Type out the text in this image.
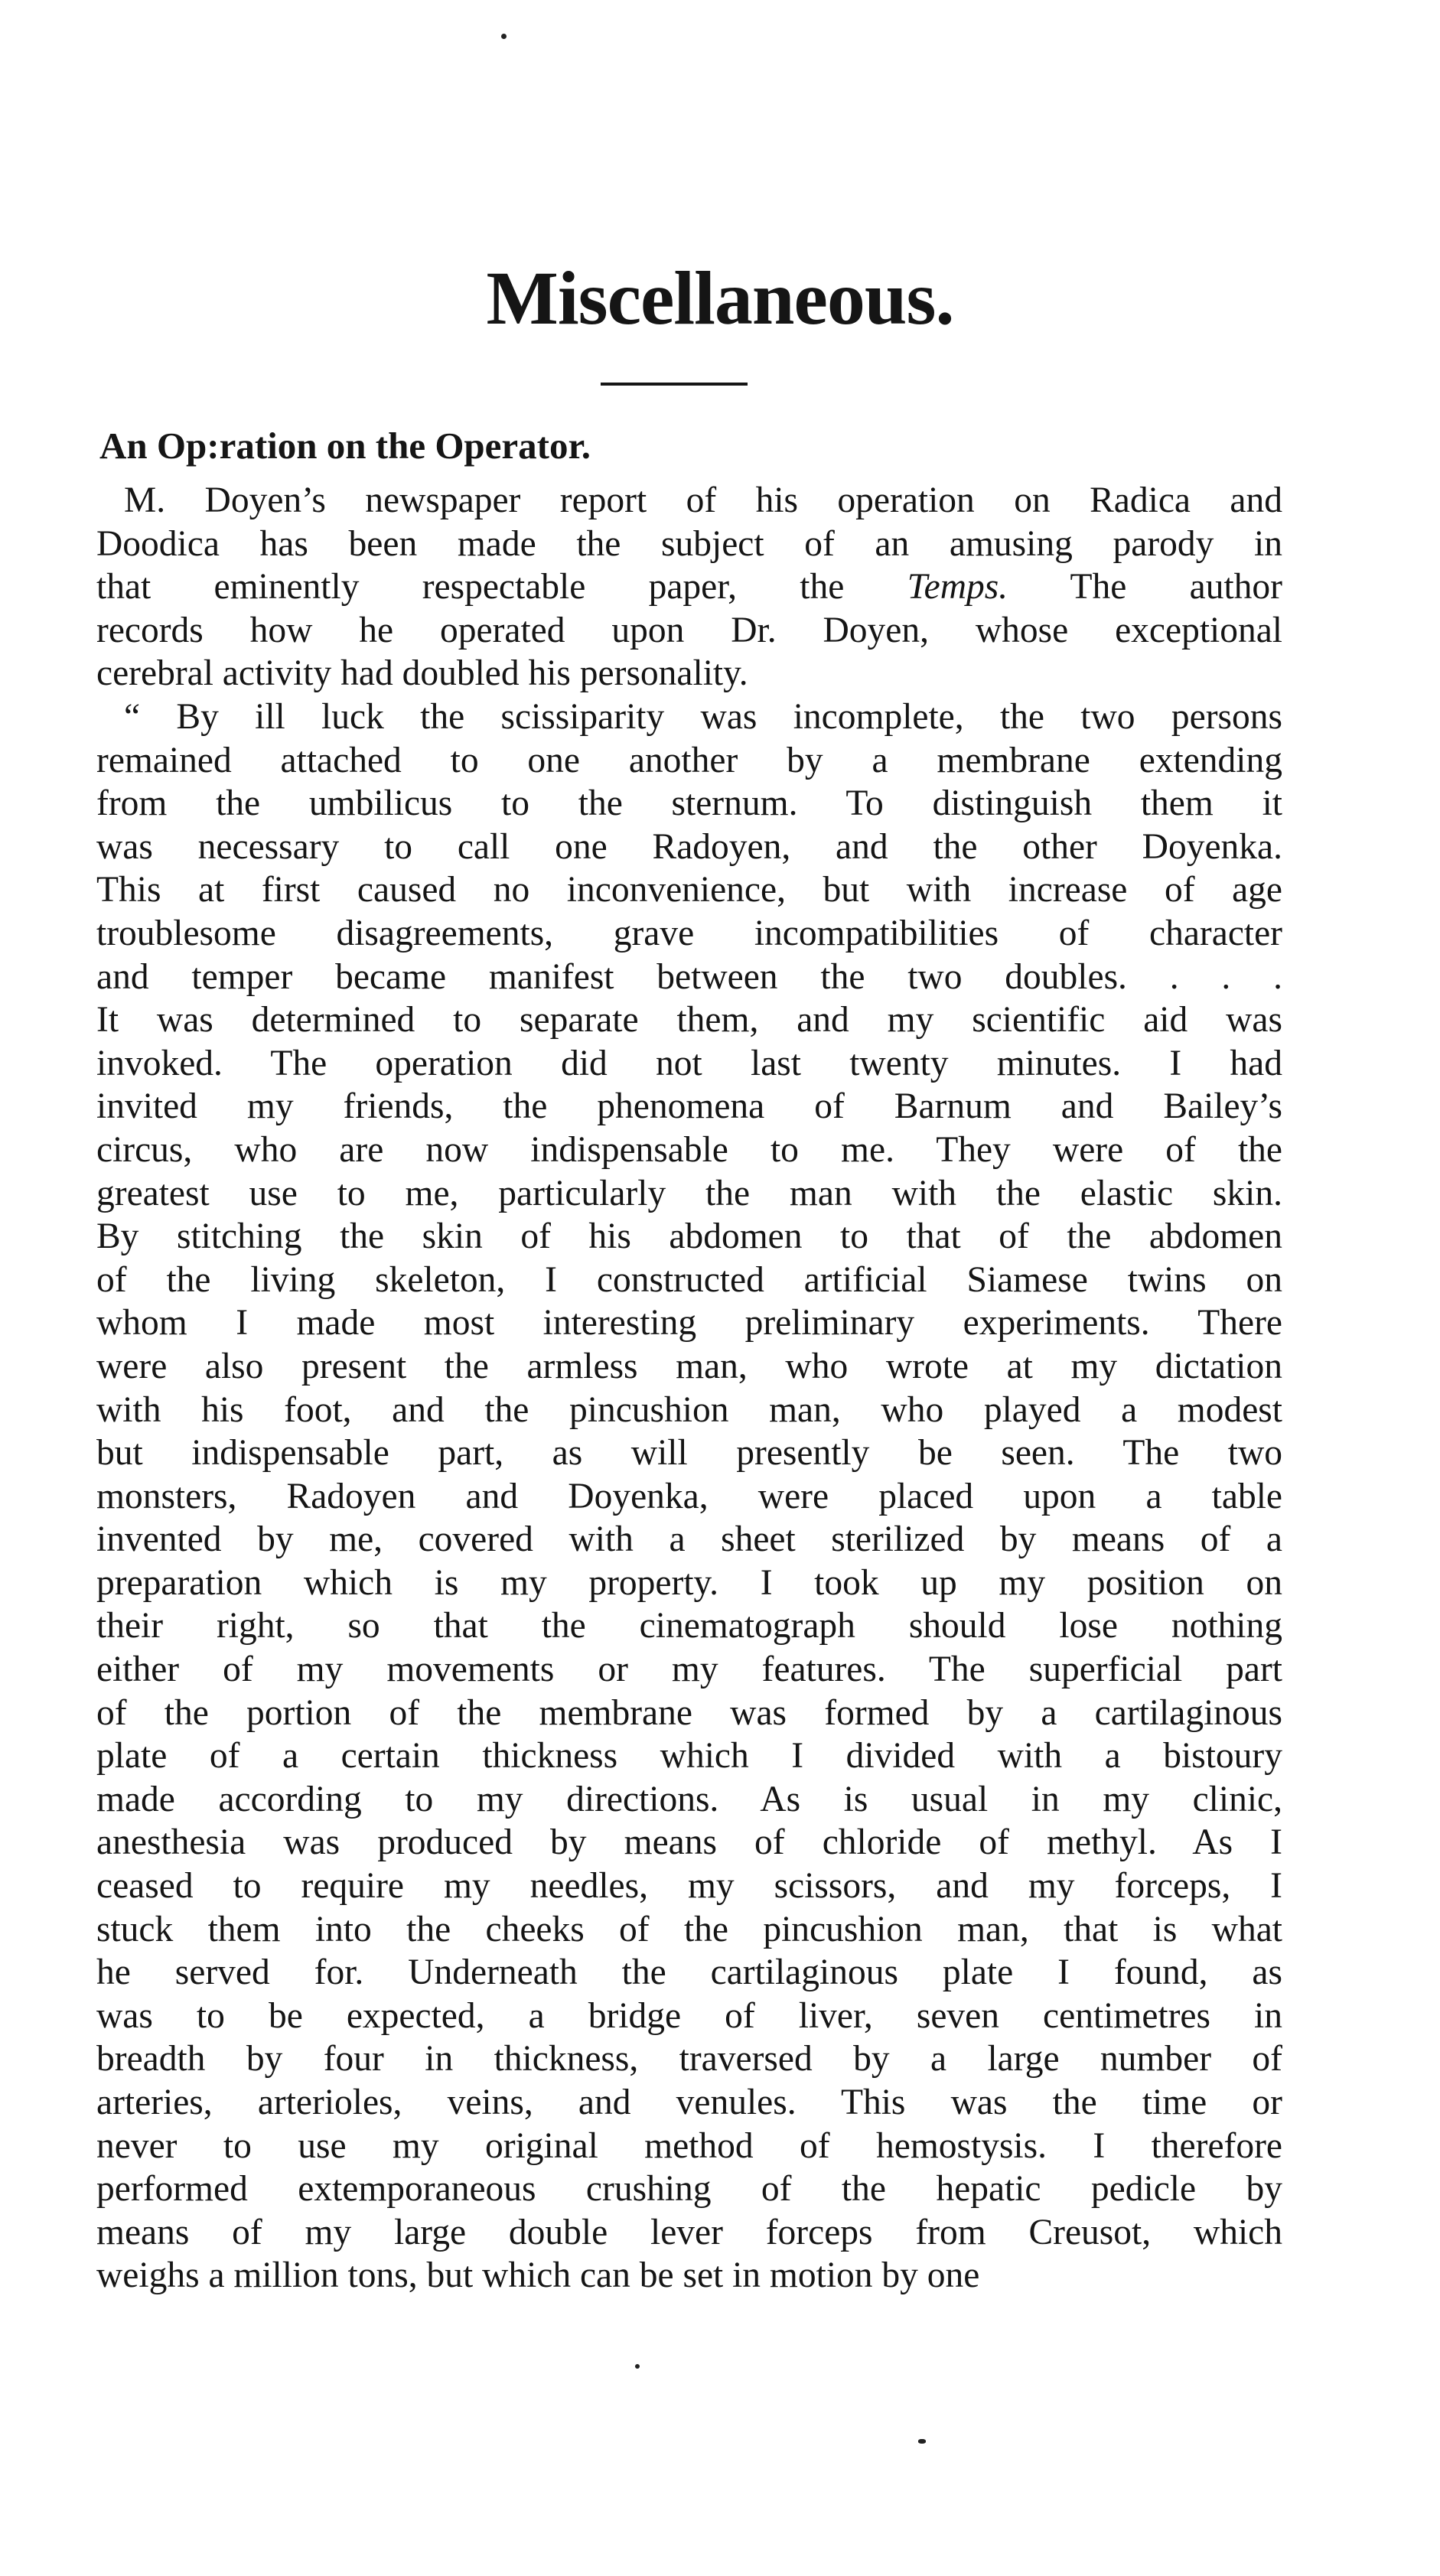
Miscellaneous.
An Op:ration on the Operator.
M. Doyen’s newspaper report of his operation on Radica and
Doodica has been made the subject of an amusing parody in
that eminently respectable paper, the Temps. The author
records how he operated upon Dr. Doyen, whose exceptional
cerebral activity had doubled his personality.
“ By ill luck the scissiparity was incomplete, the two persons
remained attached to one another by a membrane extending
from the umbilicus to the sternum. To distinguish them it
was necessary to call one Radoyen, and the other Doyenka.
This at first caused no inconvenience, but with increase of age
troublesome disagreements, grave incompatibilities of character
and temper became manifest between the two doubles. . . .
It was determined to separate them, and my scientific aid was
invoked. The operation did not last twenty minutes. I had
invited my friends, the phenomena of Barnum and Bailey’s
circus, who are now indispensable to me. They were of the
greatest use to me, particularly the man with the elastic skin.
By stitching the skin of his abdomen to that of the abdomen
of the living skeleton, I constructed artificial Siamese twins on
whom I made most interesting preliminary experiments. There
were also present the armless man, who wrote at my dictation
with his foot, and the pincushion man, who played a modest
but indispensable part, as will presently be seen. The two
monsters, Radoyen and Doyenka, were placed upon a table
invented by me, covered with a sheet sterilized by means of a
preparation which is my property. I took up my position on
their right, so that the cinematograph should lose nothing
either of my movements or my features. The superficial part
of the portion of the membrane was formed by a cartilaginous
plate of a certain thickness which I divided with a bistoury
made according to my directions. As is usual in my clinic,
anesthesia was produced by means of chloride of methyl. As I
ceased to require my needles, my scissors, and my forceps, I
stuck them into the cheeks of the pincushion man, that is what
he served for. Underneath the cartilaginous plate I found, as
was to be expected, a bridge of liver, seven centimetres in
breadth by four in thickness, traversed by a large number of
arteries, arterioles, veins, and venules. This was the time or
never to use my original method of hemostysis. I therefore
performed extemporaneous crushing of the hepatic pedicle by
means of my large double lever forceps from Creusot, which
weighs a million tons, but which can be set in motion by one
